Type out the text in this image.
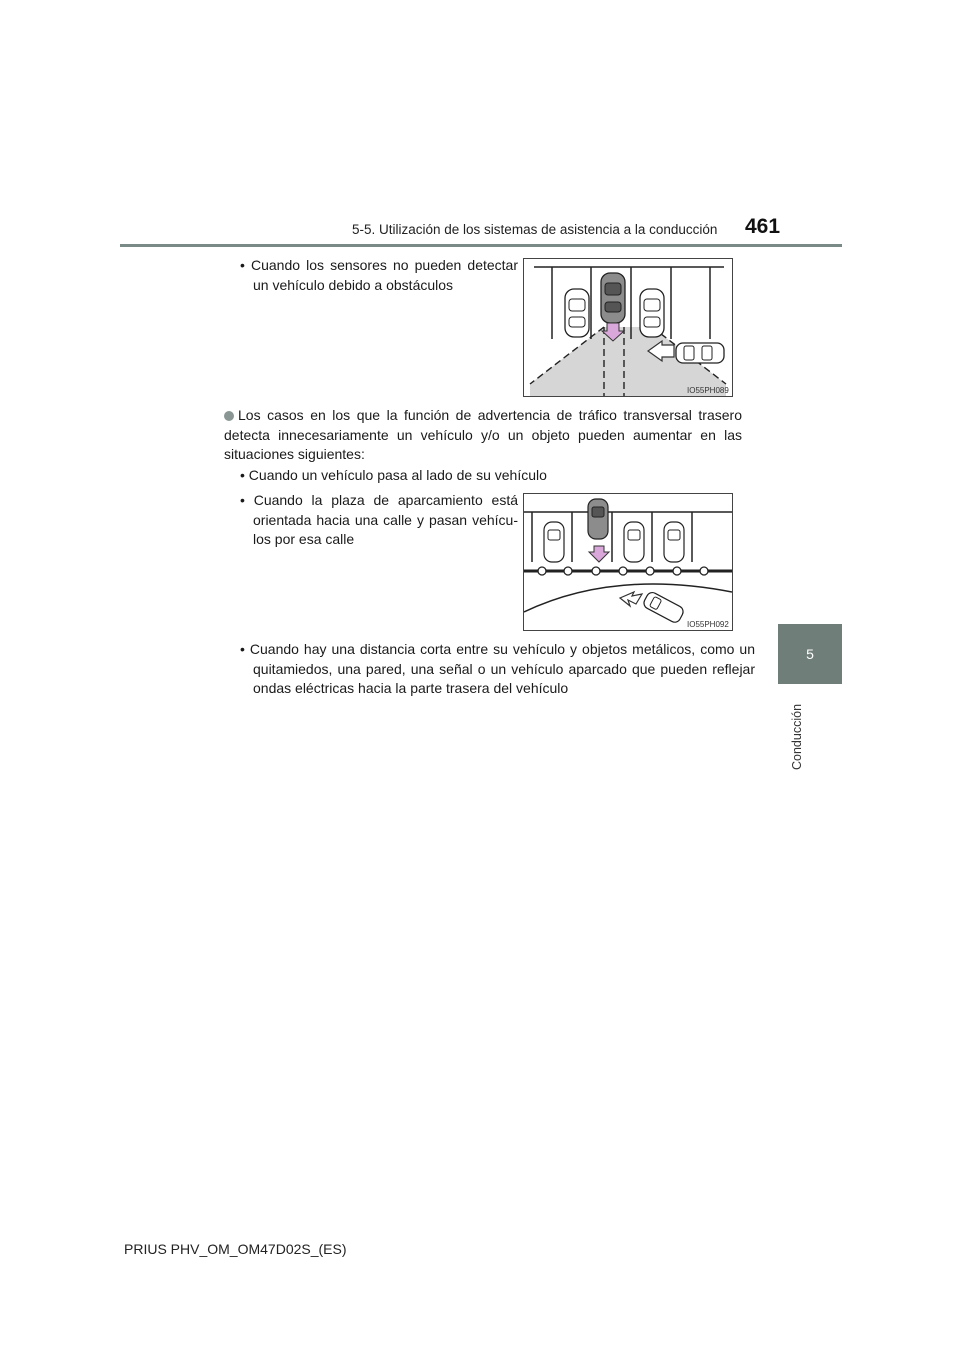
5-5. Utilización de los sistemas de asistencia a la conducción 461
5
Conducción
• Cuando los sensores no pueden detectar un vehículo debido a obstáculos
IO55PH089
Los casos en los que la función de advertencia de tráfico transversal trasero detecta innecesariamente un vehículo y/o un objeto pueden aumentar en las situaciones siguientes:
• Cuando un vehículo pasa al lado de su vehículo
• Cuando la plaza de aparcamiento está orientada hacia una calle y pasan vehícu-los por esa calle
IO55PH092
• Cuando hay una distancia corta entre su vehículo y objetos metálicos, como un quitamiedos, una pared, una señal o un vehículo aparcado que pueden reflejar ondas eléctricas hacia la parte trasera del vehículo
PRIUS PHV_OM_OM47D02S_(ES)
